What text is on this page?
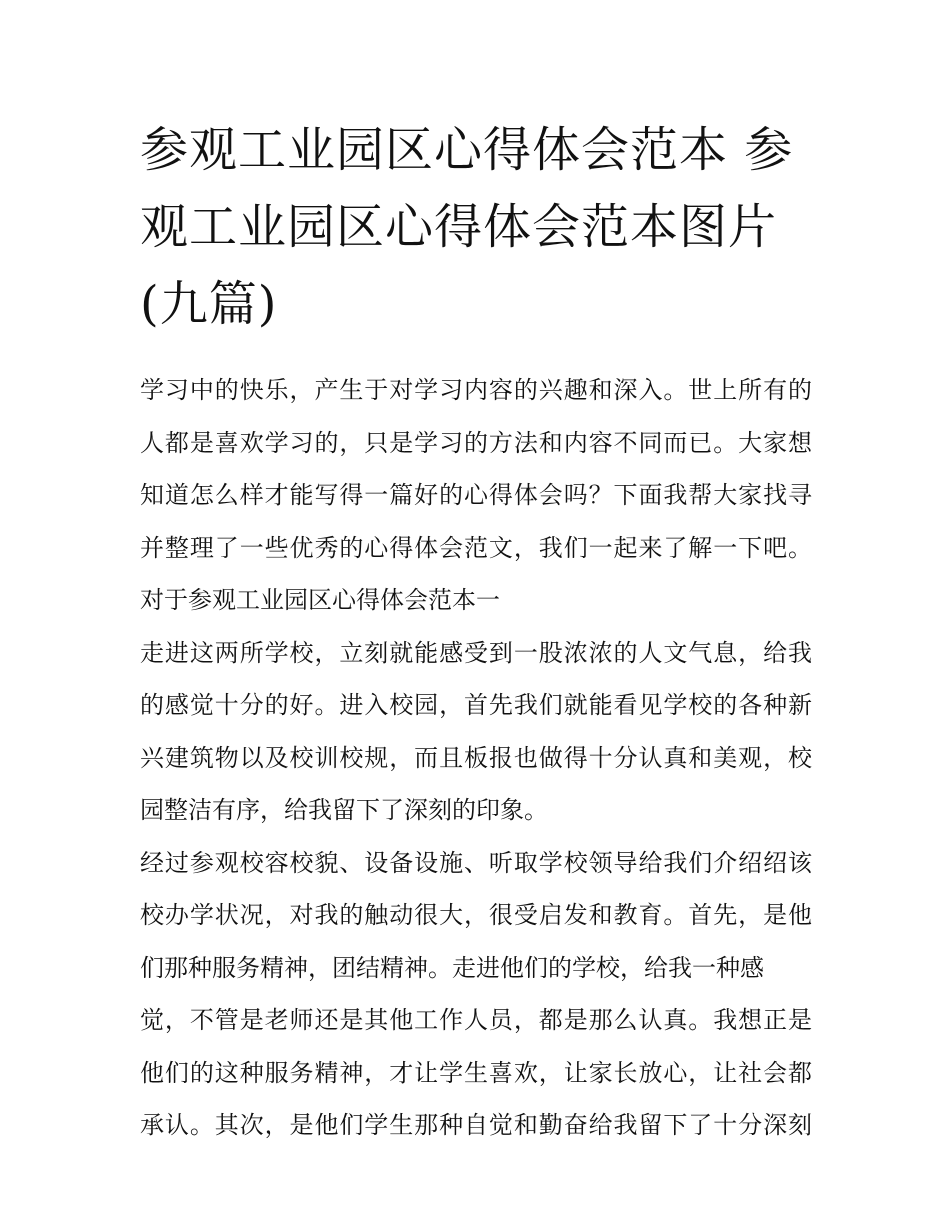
参观工业园区心得体会范本 参
观工业园区心得体会范本图片
(九篇)
学习中的快乐，产生于对学习内容的兴趣和深入。世上所有的
人都是喜欢学习的，只是学习的方法和内容不同而已。大家想
知道怎么样才能写得一篇好的心得体会吗？下面我帮大家找寻
并整理了一些优秀的心得体会范文，我们一起来了解一下吧。
对于参观工业园区心得体会范本一
走进这两所学校，立刻就能感受到一股浓浓的人文气息，给我
的感觉十分的好。进入校园，首先我们就能看见学校的各种新
兴建筑物以及校训校规，而且板报也做得十分认真和美观，校
园整洁有序，给我留下了深刻的印象。
经过参观校容校貌、设备设施、听取学校领导给我们介绍绍该
校办学状况，对我的触动很大，很受启发和教育。首先，是他
们那种服务精神，团结精神。走进他们的学校，给我一种感
觉，不管是老师还是其他工作人员，都是那么认真。我想正是
他们的这种服务精神，才让学生喜欢，让家长放心，让社会都
承认。其次，是他们学生那种自觉和勤奋给我留下了十分深刻
